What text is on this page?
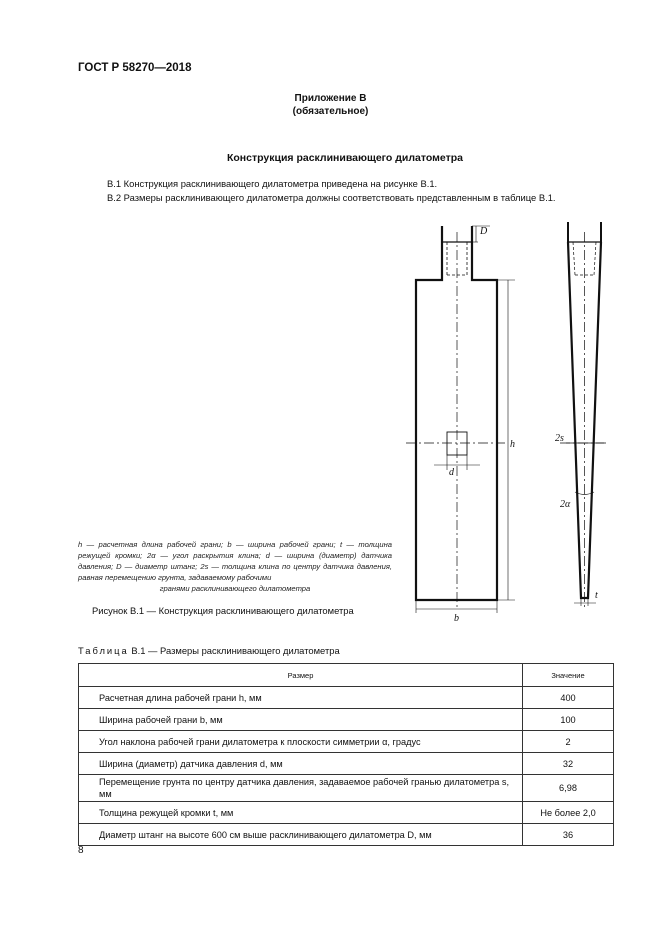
ГОСТ Р 58270—2018
Приложение В
(обязательное)
Конструкция расклинивающего дилатометра
В.1 Конструкция расклинивающего дилатометра приведена на рисунке В.1.
В.2 Размеры расклинивающего дилатометра должны соответствовать представленным в таблице В.1.
D
h
d
b
2s
2α
t
h — расчетная длина рабочей грани; b — ширина рабочей грани; t — толщина режущей кромки; 2α — угол раскрытия клина; d — ширина (диаметр) датчика давления; D — диаметр штанг; 2s — толщина клина по центру датчика давления, равная перемещению грунта, задаваемому рабочими
гранями расклинивающего дилатометра
Рисунок В.1 — Конструкция расклинивающего дилатометра
Таблица В.1 — Размеры расклинивающего дилатометра
Размер	Значение
Расчетная длина рабочей грани h, мм	400
Ширина рабочей грани b, мм	100
Угол наклона рабочей грани дилатометра к плоскости симметрии α, градус	2
Ширина (диаметр) датчика давления d, мм	32
Перемещение грунта по центру датчика давления, задаваемое рабочей гранью дилатометра s, мм	6,98
Толщина режущей кромки t, мм	Не более 2,0
Диаметр штанг на высоте 600 см выше расклинивающего дилатометра D, мм	36
8
